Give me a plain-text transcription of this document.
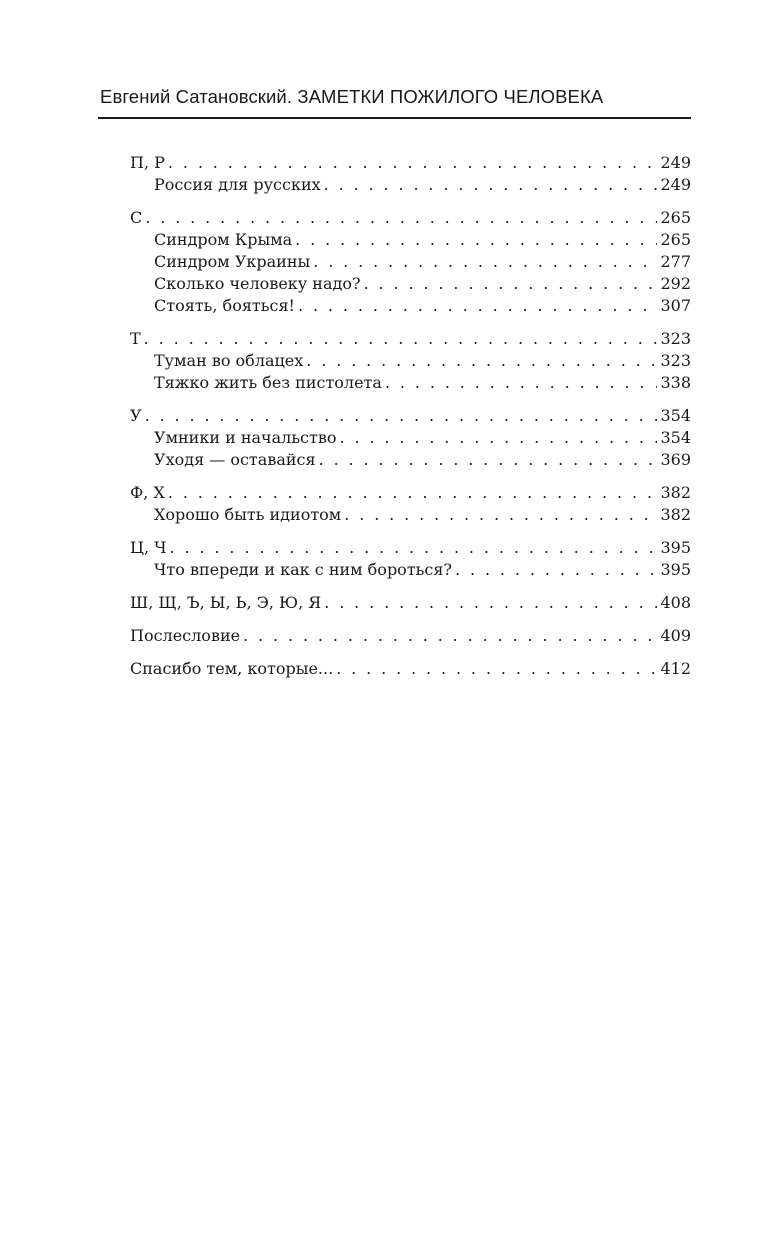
Евгений Сатановский. ЗАМЕТКИ ПОЖИЛОГО ЧЕЛОВЕКА
П, Р . . .	249
Россия для русских . . .	249
С . . .	265
Синдром Крыма . . .	265
Синдром Украины . . .	277
Сколько человеку надо? . . .	292
Стоять, бояться! . . .	307
Т . . .	323
Туман во облацех . . .	323
Тяжко жить без пистолета . . .	338
У . . .	354
Умники и начальство . . .	354
Уходя — оставайся . . .	369
Ф, Х . . .	382
Хорошо быть идиотом . . .	382
Ц, Ч . . .	395
Что впереди и как с ним бороться? . . .	395
Ш, Щ, Ъ, Ы, Ь, Э, Ю, Я . . .	408
Послесловие . . .	409
Спасибо тем, которые... . . .	412
